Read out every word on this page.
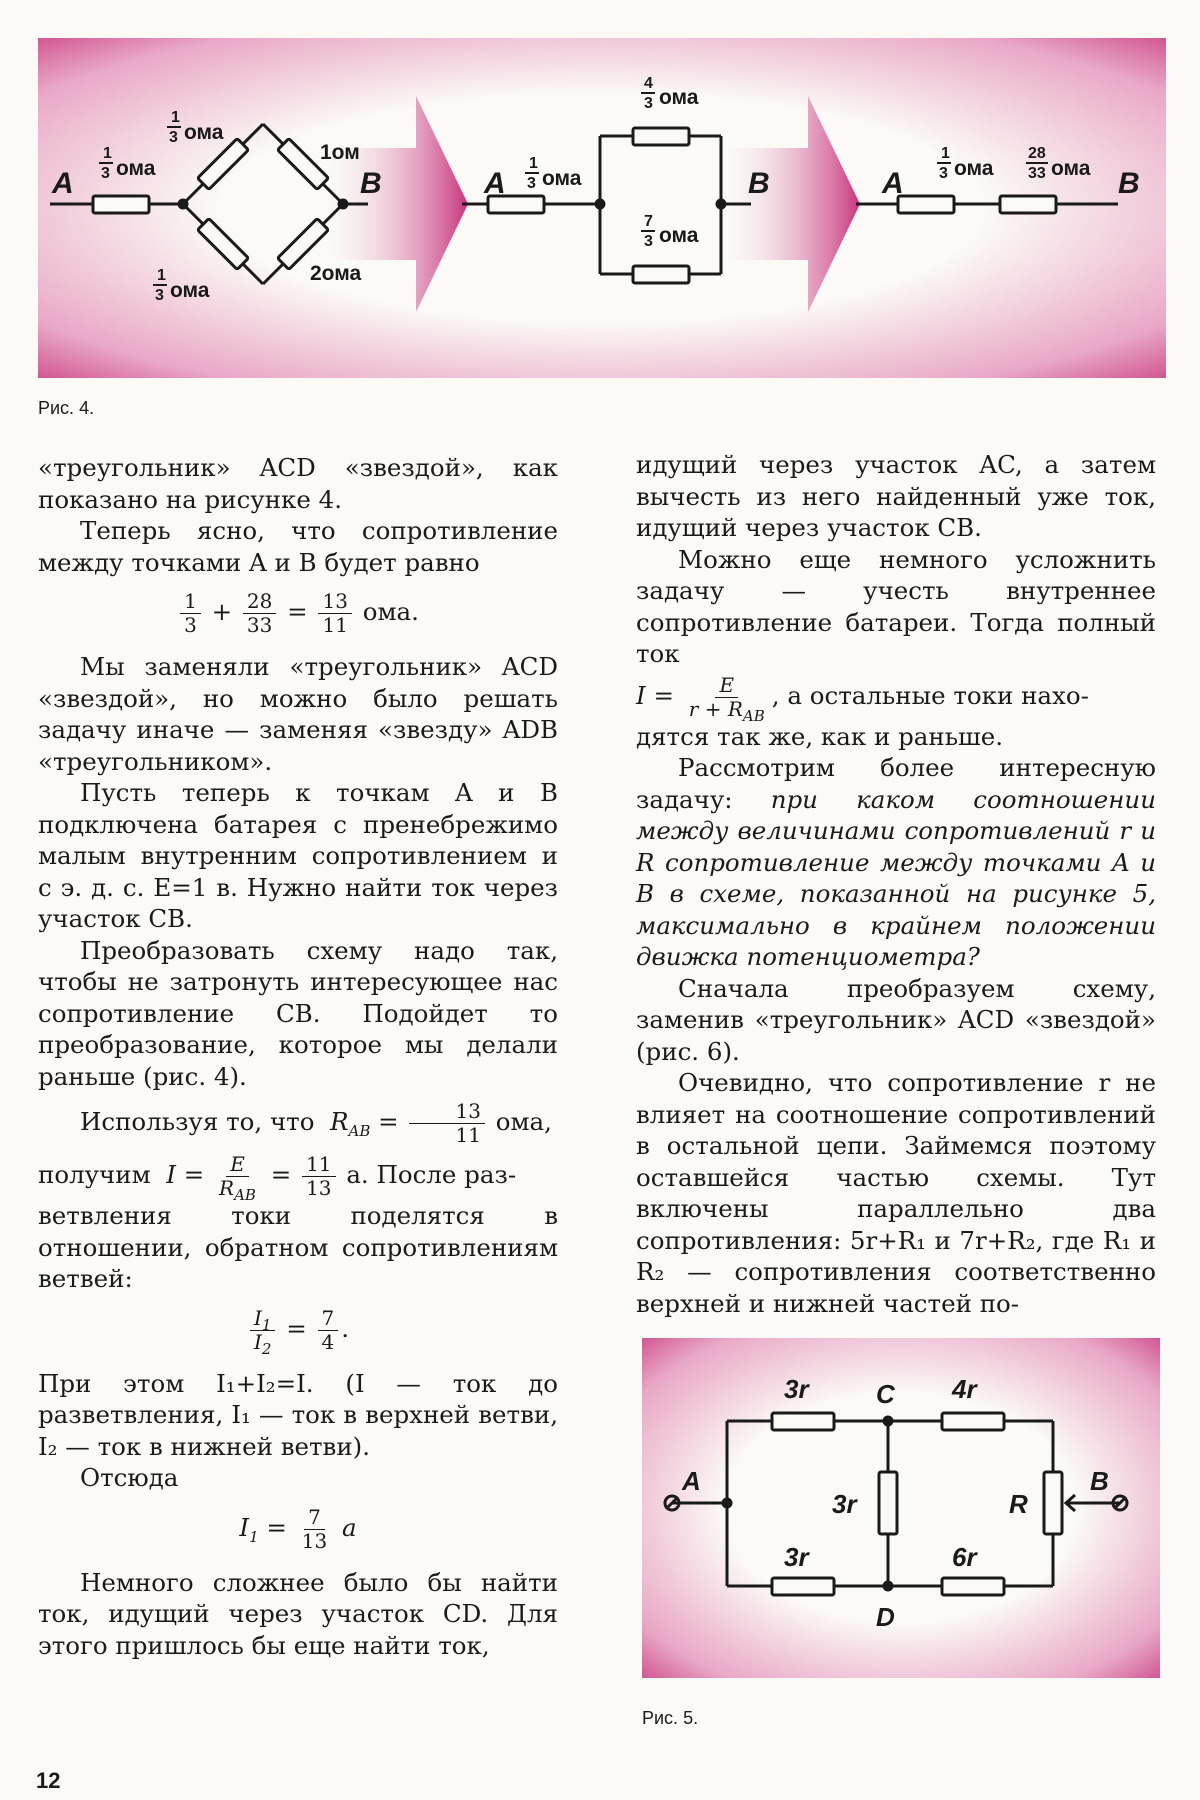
A	B
1
3 ома
1
3 ома
1ом
1
3 ома
2ома
A	B
1
3 ома
4
3 ома
7
3 ома
A	B
1
3 ома
28
33 ома
Рис. 4.

«треугольник» ACD «звездой», как показано на рисунке 4.

Теперь ясно, что сопротивление между точками A и B будет равно

$\frac{1}{3} + \frac{28}{33} = \frac{13}{11}$ ома.

Мы заменяли «треугольник» ACD «звездой», но можно было решать задачу иначе — заменяя «звезду» ADB «треугольником».

Пусть теперь к точкам A и B подключена батарея с пренебрежимо малым внутренним сопротивлением и с э. д. с. E=1 в. Нужно найти ток через участок CB.

Преобразовать схему надо так, чтобы не затронуть интересующее нас сопротивление CB. Подойдет то преобразование, которое мы делали раньше (рис. 4).

Используя то, что $R_{AB} = \frac{13}{11}$ ома,

получим I = E
$R_{AB}$
= $\frac{11}{13} a$. После раз-

ветвления токи поделятся в отношении, обратном сопротивлениям ветвей:

$\frac{I_1}{I_2} = \frac{7}{4}$ .

При этом I₁+I₂=I. (I — ток до разветвления, I₁ — ток в верхней ветви, I₂ — ток в нижней ветви).

Отсюда

$I_1 = \frac{7}{13}$ a

Немного сложнее было бы найти ток, идущий через участок CD. Для этого пришлось бы еще найти ток,

идущий через участок AC, а затем вычесть из него найденный уже ток, идущий через участок CB.

Можно еще немного усложнить задачу — учесть внутреннее сопротивление батареи. Тогда полный ток

I = E
$r + R_{AB}$
, а остальные токи нахо-

дятся так же, как и раньше.

Рассмотрим более интересную задачу: при каком соотношении между величинами сопротивлений r и R сопротивление между точками A и B в схеме, показанной на рисунке 5, максимально в крайнем положении движка потенциометра?

Сначала преобразуем схему, заменив «треугольник» ACD «звездой» (рис. 6).

Очевидно, что сопротивление r не влияет на соотношение сопротивлений в остальной цепи. Займемся поэтому оставшейся частью схемы. Тут включены параллельно два сопротивления: 5r+R₁ и 7r+R₂, где R₁ и R₂ — сопротивления соответственно верхней и нижней частей по-

A	B
C
D
3r	4r
3r
3r	6r
R
Рис. 5.
12
